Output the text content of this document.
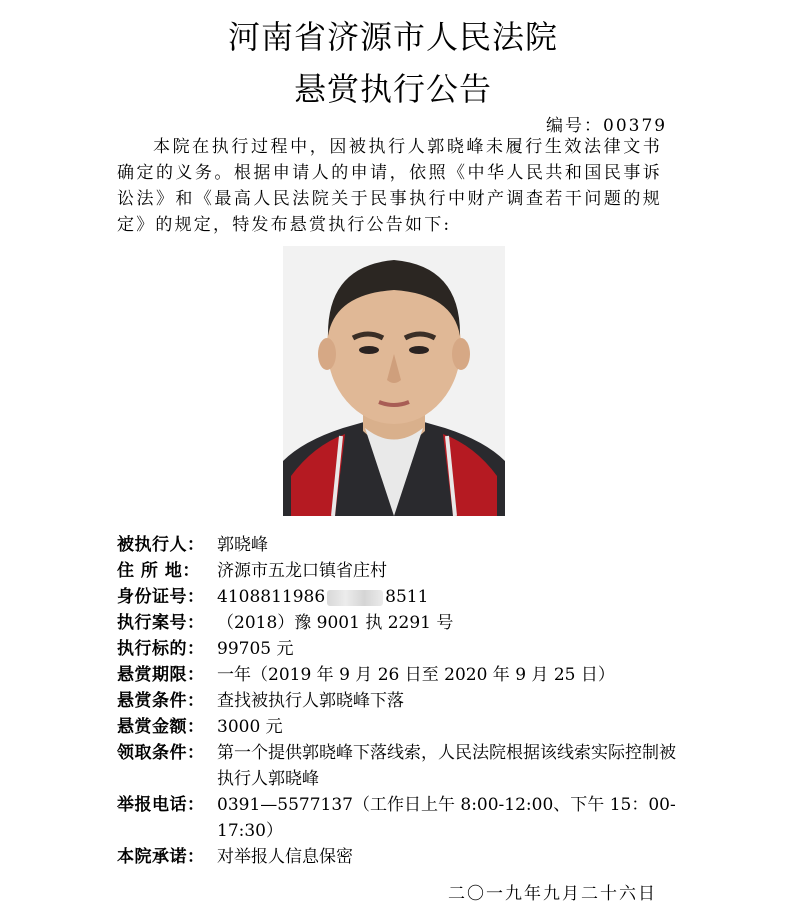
河南省济源市人民法院
悬赏执行公告
编号：00379

本院在执行过程中，因被执行人郭晓峰未履行生效法律文书确定的义务。根据申请人的申请，依照《中华人民共和国民事诉讼法》和《最高人民法院关于民事执行中财产调查若干问题的规定》的规定，特发布悬赏执行公告如下:

被执行人： 郭晓峰
住 所 地：	济源市五龙口镇省庄村
身份证号： 4108811986	8511
执行案号： （2018）豫 9001 执 2291 号
执行标的： 99705 元
悬赏期限： 一年（2019 年 9 月 26 日至 2020 年 9 月 25 日）
悬赏条件： 查找被执行人郭晓峰下落
悬赏金额： 3000 元
领取条件： 第一个提供郭晓峰下落线索，人民法院根据该线索实际控制被执行人郭晓峰
举报电话： 0391—5577137（工作日上午 8:00-12:00、下午 15：00-17:30）
本院承诺： 对举报人信息保密
二〇一九年九月二十六日
